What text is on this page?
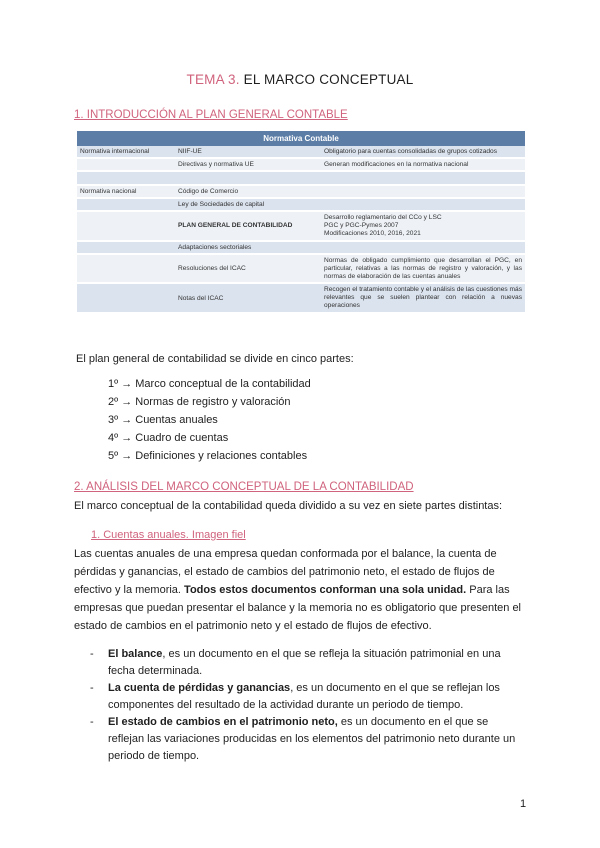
TEMA 3. EL MARCO CONCEPTUAL
1. INTRODUCCIÓN AL PLAN GENERAL CONTABLE
Normativa Contable		
Normativa internacional	NIIF-UE	Obligatorio para cuentas consolidadas de grupos cotizados
	Directivas y normativa UE	Generan modificaciones en la normativa nacional

Normativa nacional	Código de Comercio	
	Ley de Sociedades de capital	
	PLAN GENERAL DE CONTABILIDAD	Desarrollo reglamentario del CCo y LSC
PGC y PGC-Pymes 2007
Modificaciones 2010, 2016, 2021
	Adaptaciones sectoriales	
	Resoluciones del ICAC	Normas de obligado cumplimiento que desarrollan el PGC, en particular, relativas a las normas de registro y valoración, y las normas de elaboración de las cuentas anuales
	Notas del ICAC	Recogen el tratamiento contable y el análisis de las cuestiones más relevantes que se suelen plantear con relación a nuevas operaciones
El plan general de contabilidad se divide en cinco partes:
1º → Marco conceptual de la contabilidad
2º → Normas de registro y valoración
3º → Cuentas anuales
4º → Cuadro de cuentas
5º → Definiciones y relaciones contables
2. ANÁLISIS DEL MARCO CONCEPTUAL DE LA CONTABILIDAD
El marco conceptual de la contabilidad queda dividido a su vez en siete partes distintas:
1. Cuentas anuales. Imagen fiel
Las cuentas anuales de una empresa quedan conformada por el balance, la cuenta de pérdidas y ganancias, el estado de cambios del patrimonio neto, el estado de flujos de efectivo y la memoria. Todos estos documentos conforman una sola unidad. Para las empresas que puedan presentar el balance y la memoria no es obligatorio que presenten el estado de cambios en el patrimonio neto y el estado de flujos de efectivo.
- El balance, es un documento en el que se refleja la situación patrimonial en una fecha determinada.
- La cuenta de pérdidas y ganancias, es un documento en el que se reflejan los componentes del resultado de la actividad durante un periodo de tiempo.
- El estado de cambios en el patrimonio neto, es un documento en el que se reflejan las variaciones producidas en los elementos del patrimonio neto durante un periodo de tiempo.
1
